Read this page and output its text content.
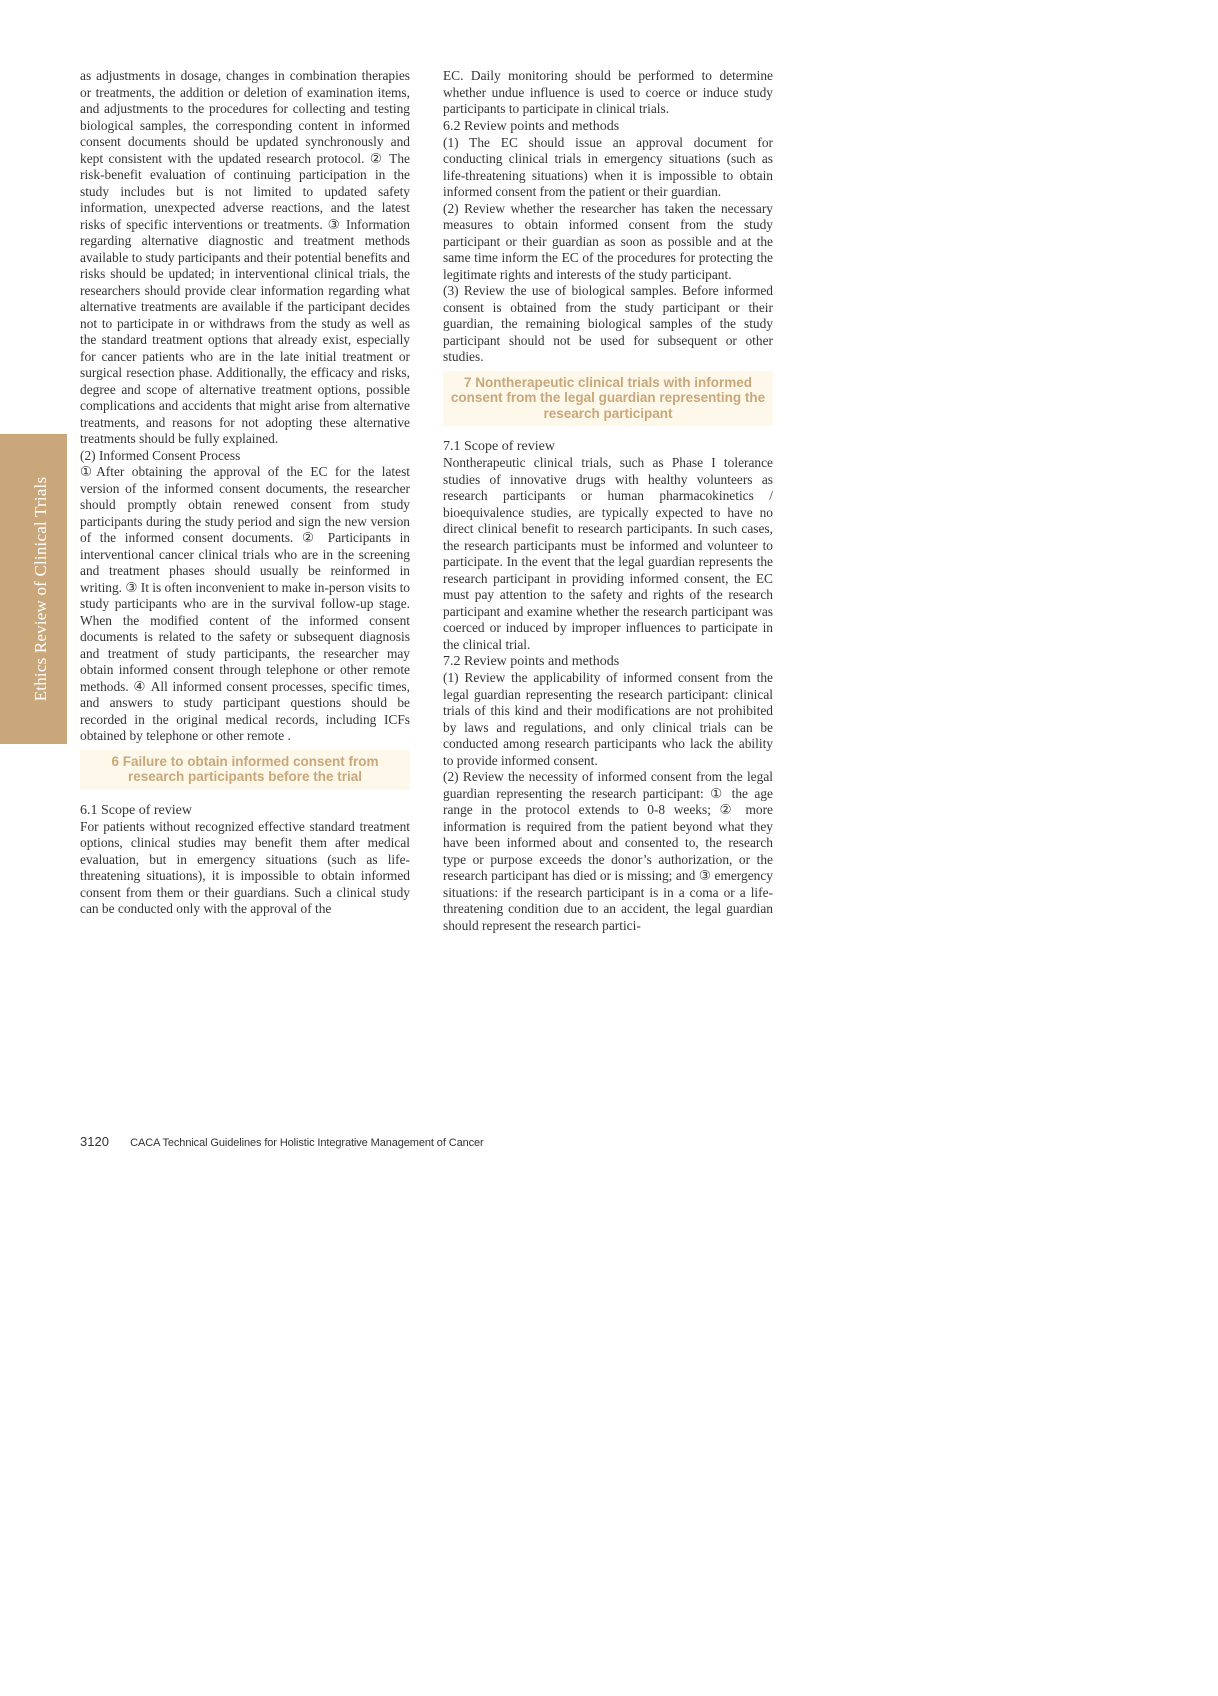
Ethics Review of Clinical Trials

as adjustments in dosage, changes in combination therapies or treatments, the addition or deletion of examination items, and adjustments to the procedures for collecting and testing biological samples, the corresponding content in informed consent documents should be updated synchronously and kept consistent with the updated research protocol. ② The risk-benefit evaluation of continuing participation in the study includes but is not limited to updated safety information, unexpected adverse reactions, and the latest risks of specific interventions or treatments. ③ Information regarding alternative diagnostic and treatment methods available to study participants and their potential benefits and risks should be updated; in interventional clinical trials, the researchers should provide clear information regarding what alternative treatments are available if the participant decides not to participate in or withdraws from the study as well as the standard treatment options that already exist, especially for cancer patients who are in the late initial treatment or surgical resection phase. Additionally, the efficacy and risks, degree and scope of alternative treatment options, possible complications and accidents that might arise from alternative treatments, and reasons for not adopting these alternative treatments should be fully explained.

(2) Informed Consent Process

①After obtaining the approval of the EC for the latest version of the informed consent documents, the researcher should promptly obtain renewed consent from study participants during the study period and sign the new version of the informed consent documents. ② Participants in interventional cancer clinical trials who are in the screening and treatment phases should usually be reinformed in writing. ③ It is often inconvenient to make in-person visits to study participants who are in the survival follow-up stage. When the modified content of the informed consent documents is related to the safety or subsequent diagnosis and treatment of study participants, the researcher may obtain informed consent through telephone or other remote methods. ④ All informed consent processes, specific times, and answers to study participant questions should be recorded in the original medical records, including ICFs obtained by telephone or other remote .

6 Failure to obtain informed consent from research participants before the trial

6.1 Scope of review

For patients without recognized effective standard treatment options, clinical studies may benefit them after medical evaluation, but in emergency situations (such as life-threatening situations), it is impossible to obtain informed consent from them or their guardians. Such a clinical study can be conducted only with the approval of the

EC. Daily monitoring should be performed to determine whether undue influence is used to coerce or induce study participants to participate in clinical trials.

6.2 Review points and methods

(1) The EC should issue an approval document for conducting clinical trials in emergency situations (such as life-threatening situations) when it is impossible to obtain informed consent from the patient or their guardian.

(2) Review whether the researcher has taken the necessary measures to obtain informed consent from the study participant or their guardian as soon as possible and at the same time inform the EC of the procedures for protecting the legitimate rights and interests of the study participant.

(3) Review the use of biological samples. Before informed consent is obtained from the study participant or their guardian, the remaining biological samples of the study participant should not be used for subsequent or other studies.

7 Nontherapeutic clinical trials with informed consent from the legal guardian representing the research participant

7.1 Scope of review

Nontherapeutic clinical trials, such as Phase I tolerance studies of innovative drugs with healthy volunteers as research participants or human pharmacokinetics / bioequivalence studies, are typically expected to have no direct clinical benefit to research participants. In such cases, the research participants must be informed and volunteer to participate. In the event that the legal guardian represents the research participant in providing informed consent, the EC must pay attention to the safety and rights of the research participant and examine whether the research participant was coerced or induced by improper influences to participate in the clinical trial.

7.2 Review points and methods

(1) Review the applicability of informed consent from the legal guardian representing the research participant: clinical trials of this kind and their modifications are not prohibited by laws and regulations, and only clinical trials can be conducted among research participants who lack the ability to provide informed consent.

(2) Review the necessity of informed consent from the legal guardian representing the research participant: ① the age range in the protocol extends to 0-8 weeks; ② more information is required from the patient beyond what they have been informed about and consented to, the research type or purpose exceeds the donor’s authorization, or the research participant has died or is missing; and ③ emergency situations: if the research participant is in a coma or a life-threatening condition due to an accident, the legal guardian should represent the research partici-

3120 CACA Technical Guidelines for Holistic Integrative Management of Cancer
